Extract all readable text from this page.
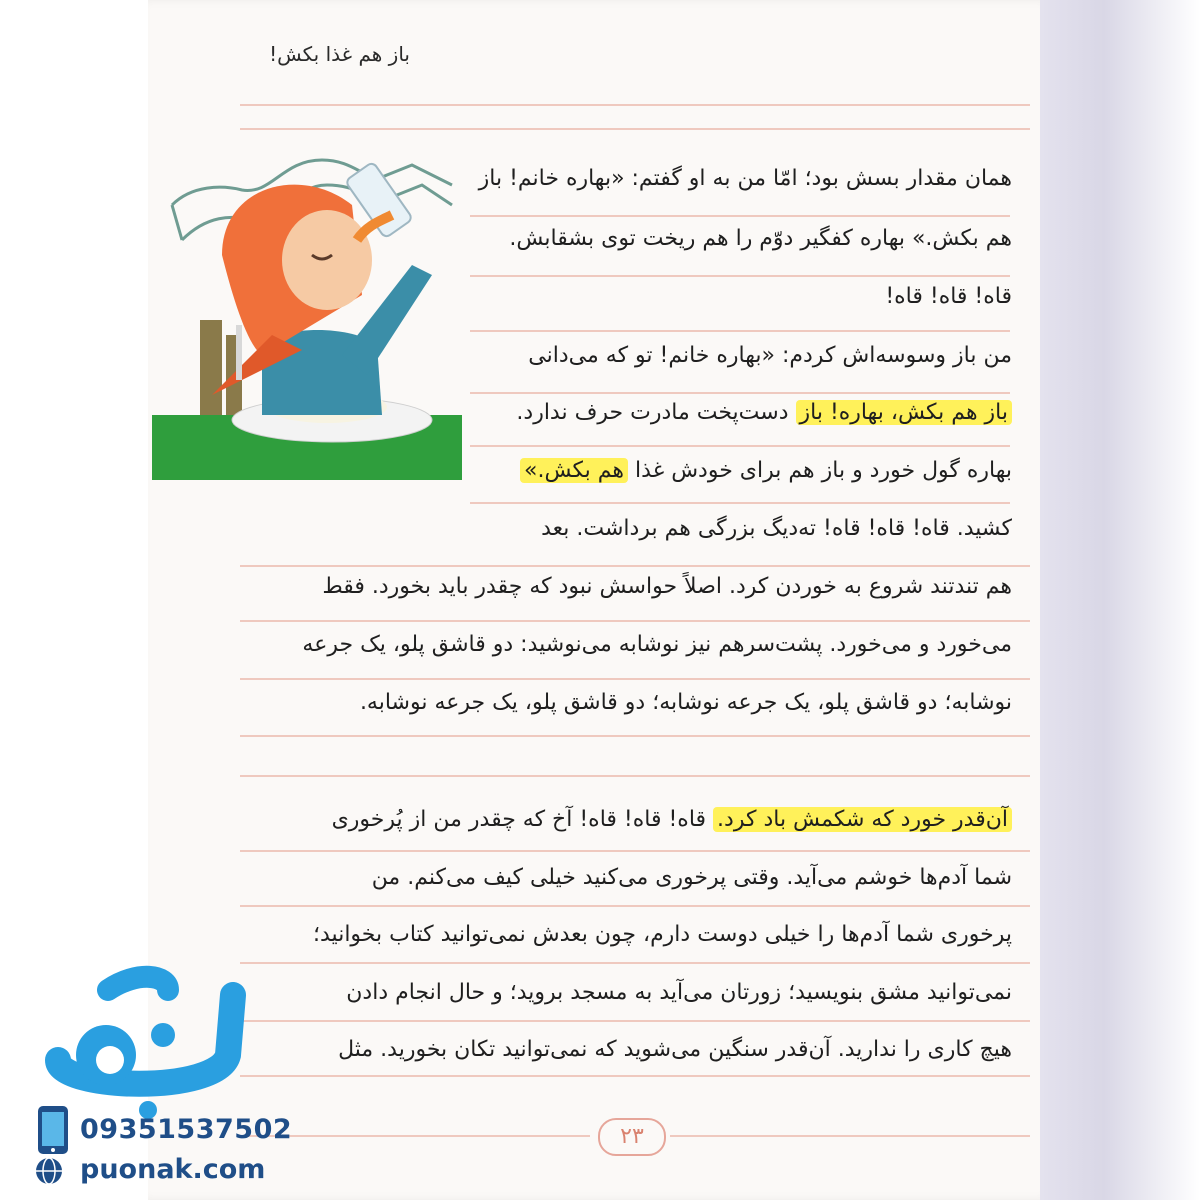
باز هم غذا بکش!
همان مقدار بسش بود؛ امّا من به او گفتم: «بهاره خانم! باز
هم بکش.» بهاره کفگیر دوّم را هم ریخت توی بشقابش.
قاه! قاه! قاه!
من باز وسوسه‌اش کردم: «بهاره خانم! تو که می‌دانی
باز هم بکش، بهاره! باز دست‌پخت مادرت حرف ندارد.
بهاره گول خورد و باز هم برای خودش غذا هم بکش.»
کشید. قاه! قاه! قاه! ته‌دیگ بزرگی هم برداشت. بعد
هم تندتند شروع به خوردن کرد. اصلاً حواسش نبود که چقدر باید بخورد. فقط
می‌خورد و می‌خورد. پشت‌سرهم نیز نوشابه می‌نوشید: دو قاشق پلو، یک جرعه
نوشابه؛ دو قاشق پلو، یک جرعه نوشابه؛ دو قاشق پلو، یک جرعه نوشابه.
آن‌قدر خورد که شکمش باد کرد. قاه! قاه! قاه! آخ که چقدر من از پُرخوری
شما آدم‌ها خوشم می‌آید. وقتی پرخوری می‌کنید خیلی کیف می‌کنم. من
پرخوری شما آدم‌ها را خیلی دوست دارم، چون بعدش نمی‌توانید کتاب بخوانید؛
نمی‌توانید مشق بنویسید؛ زورتان می‌آید به مسجد بروید؛ و حال انجام دادن
هیچ کاری را ندارید. آن‌قدر سنگین می‌شوید که نمی‌توانید تکان بخورید. مثل
۲۳
09351537502
puonak.com
